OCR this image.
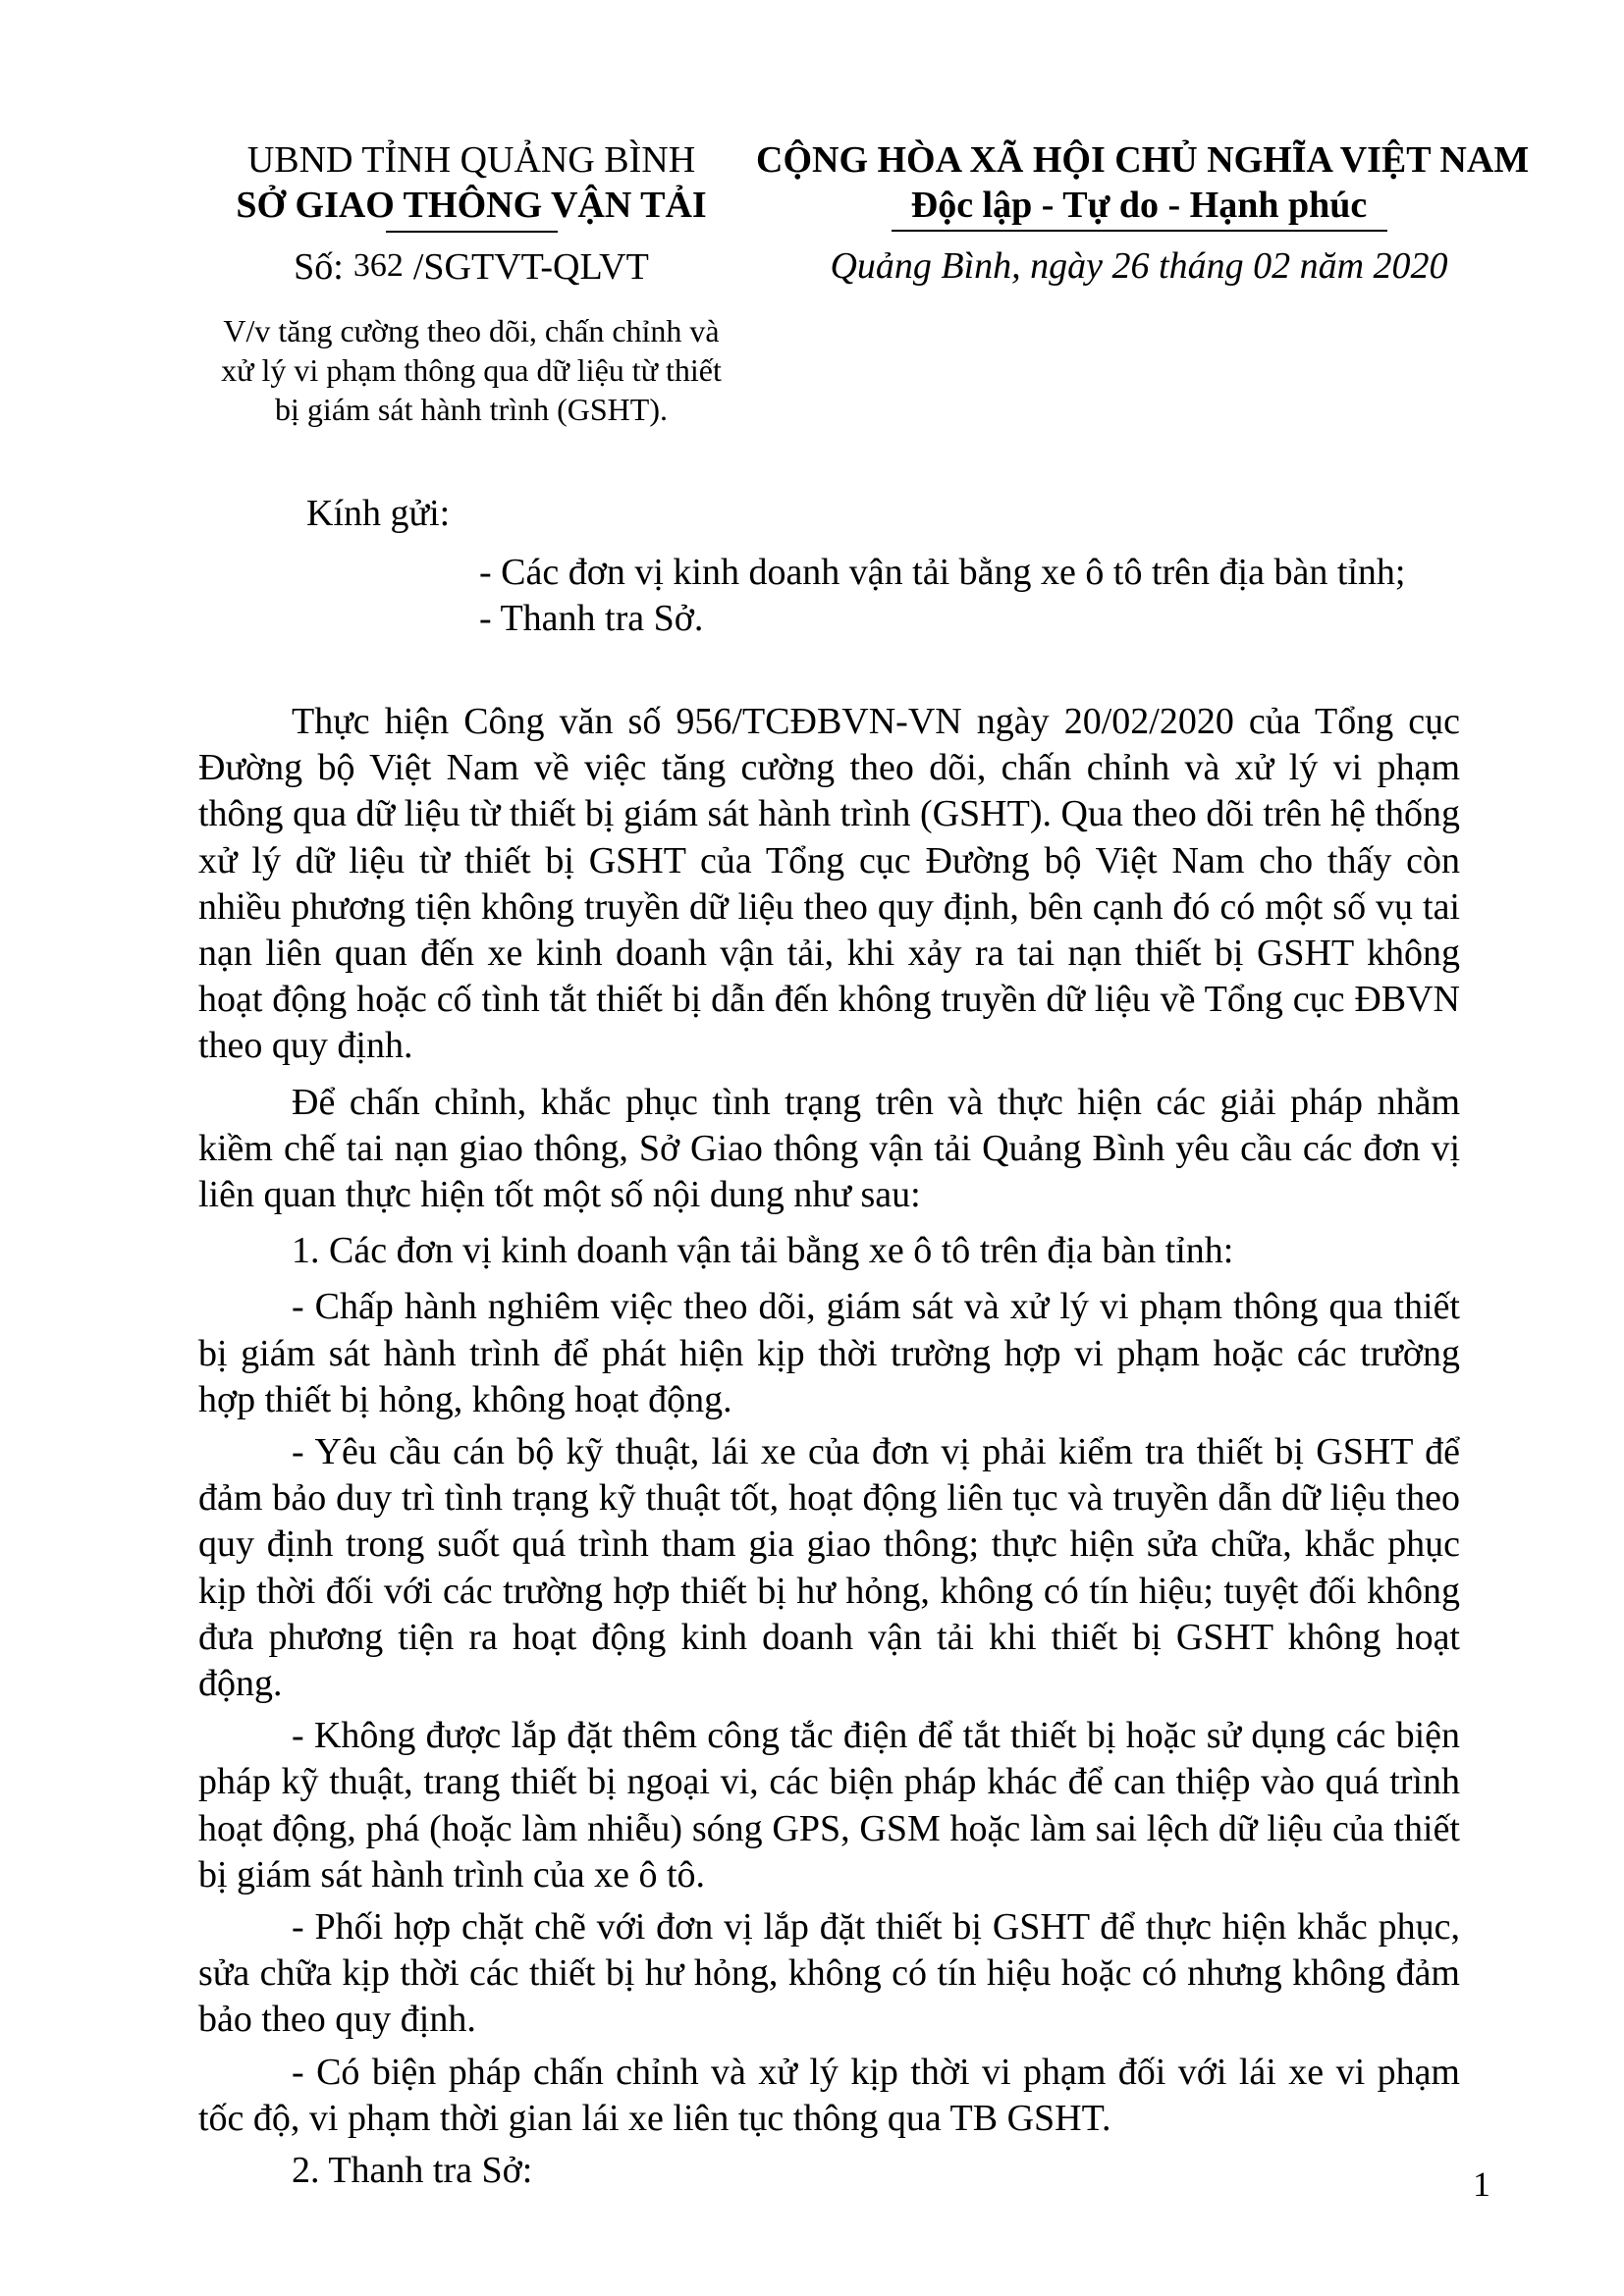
UBND TỈNH QUẢNG BÌNH
SỞ GIAO THÔNG VẬN TẢI
Số: 362 /SGTVT-QLVT
V/v tăng cường theo dõi, chấn chỉnh và
xử lý vi phạm thông qua dữ liệu từ thiết
bị giám sát hành trình (GSHT).
CỘNG HÒA XÃ HỘI CHỦ NGHĨA VIỆT NAM
Độc lập - Tự do - Hạnh phúc
Quảng Bình, ngày 26 tháng 02 năm 2020
Kính gửi:
- Các đơn vị kinh doanh vận tải bằng xe ô tô trên địa bàn tỉnh;
- Thanh tra Sở.

Thực hiện Công văn số 956/TCĐBVN-VN ngày 20/02/2020 của Tổng cục Đường bộ Việt Nam về việc tăng cường theo dõi, chấn chỉnh và xử lý vi phạm thông qua dữ liệu từ thiết bị giám sát hành trình (GSHT). Qua theo dõi trên hệ thống xử lý dữ liệu từ thiết bị GSHT của Tổng cục Đường bộ Việt Nam cho thấy còn nhiều phương tiện không truyền dữ liệu theo quy định, bên cạnh đó có một số vụ tai nạn liên quan đến xe kinh doanh vận tải, khi xảy ra tai nạn thiết bị GSHT không hoạt động hoặc cố tình tắt thiết bị dẫn đến không truyền dữ liệu về Tổng cục ĐBVN theo quy định.

Để chấn chỉnh, khắc phục tình trạng trên và thực hiện các giải pháp nhằm kiềm chế tai nạn giao thông, Sở Giao thông vận tải Quảng Bình yêu cầu các đơn vị liên quan thực hiện tốt một số nội dung như sau:

1. Các đơn vị kinh doanh vận tải bằng xe ô tô trên địa bàn tỉnh:

- Chấp hành nghiêm việc theo dõi, giám sát và xử lý vi phạm thông qua thiết bị giám sát hành trình để phát hiện kịp thời trường hợp vi phạm hoặc các trường hợp thiết bị hỏng, không hoạt động.

- Yêu cầu cán bộ kỹ thuật, lái xe của đơn vị phải kiểm tra thiết bị GSHT để đảm bảo duy trì tình trạng kỹ thuật tốt, hoạt động liên tục và truyền dẫn dữ liệu theo quy định trong suốt quá trình tham gia giao thông; thực hiện sửa chữa, khắc phục kịp thời đối với các trường hợp thiết bị hư hỏng, không có tín hiệu; tuyệt đối không đưa phương tiện ra hoạt động kinh doanh vận tải khi thiết bị GSHT không hoạt động.

- Không được lắp đặt thêm công tắc điện để tắt thiết bị hoặc sử dụng các biện pháp kỹ thuật, trang thiết bị ngoại vi, các biện pháp khác để can thiệp vào quá trình hoạt động, phá (hoặc làm nhiễu) sóng GPS, GSM hoặc làm sai lệch dữ liệu của thiết bị giám sát hành trình của xe ô tô.

- Phối hợp chặt chẽ với đơn vị lắp đặt thiết bị GSHT để thực hiện khắc phục, sửa chữa kịp thời các thiết bị hư hỏng, không có tín hiệu hoặc có nhưng không đảm bảo theo quy định.

- Có biện pháp chấn chỉnh và xử lý kịp thời vi phạm đối với lái xe vi phạm tốc độ, vi phạm thời gian lái xe liên tục thông qua TB GSHT.

2. Thanh tra Sở:	1
